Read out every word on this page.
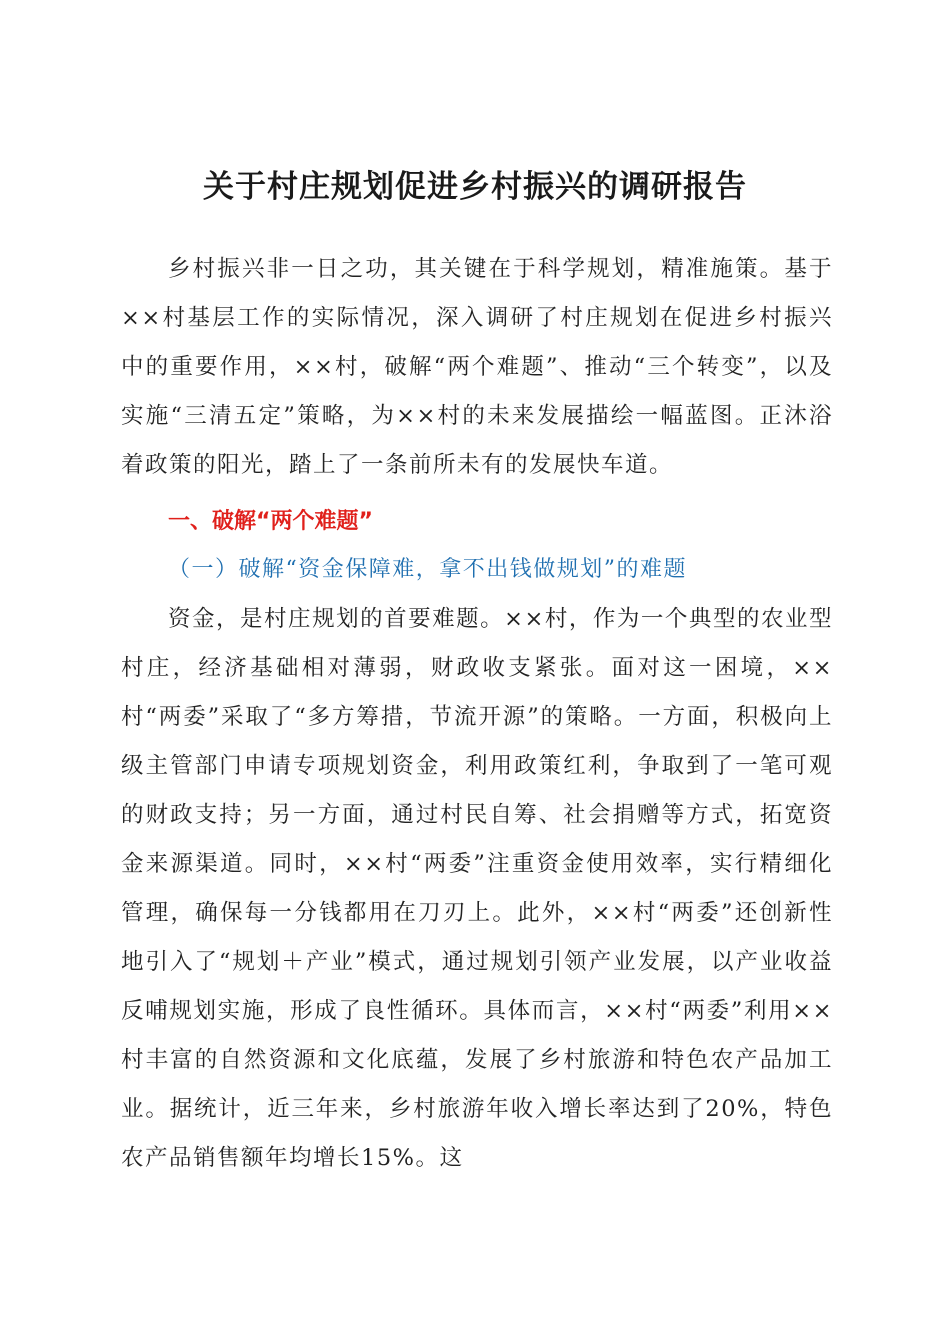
关于村庄规划促进乡村振兴的调研报告

乡村振兴非一日之功，其关键在于科学规划，精准施策。基于××村基层工作的实际情况，深入调研了村庄规划在促进乡村振兴中的重要作用，××村，破解“两个难题”、推动“三个转变”，以及实施“三清五定”策略，为××村的未来发展描绘一幅蓝图。正沐浴着政策的阳光，踏上了一条前所未有的发展快车道。

一、破解“两个难题”
（一）破解“资金保障难，拿不出钱做规划”的难题

资金，是村庄规划的首要难题。××村，作为一个典型的农业型村庄，经济基础相对薄弱，财政收支紧张。面对这一困境，××村“两委”采取了“多方筹措，节流开源”的策略。一方面，积极向上级主管部门申请专项规划资金，利用政策红利，争取到了一笔可观的财政支持；另一方面，通过村民自筹、社会捐赠等方式，拓宽资金来源渠道。同时，××村“两委”注重资金使用效率，实行精细化管理，确保每一分钱都用在刀刃上。此外，××村“两委”还创新性地引入了“规划＋产业”模式，通过规划引领产业发展，以产业收益反哺规划实施，形成了良性循环。具体而言，××村“两委”利用××村丰富的自然资源和文化底蕴，发展了乡村旅游和特色农产品加工业。据统计，近三年来，乡村旅游年收入增长率达到了20%，特色农产品销售额年均增长15%。这
